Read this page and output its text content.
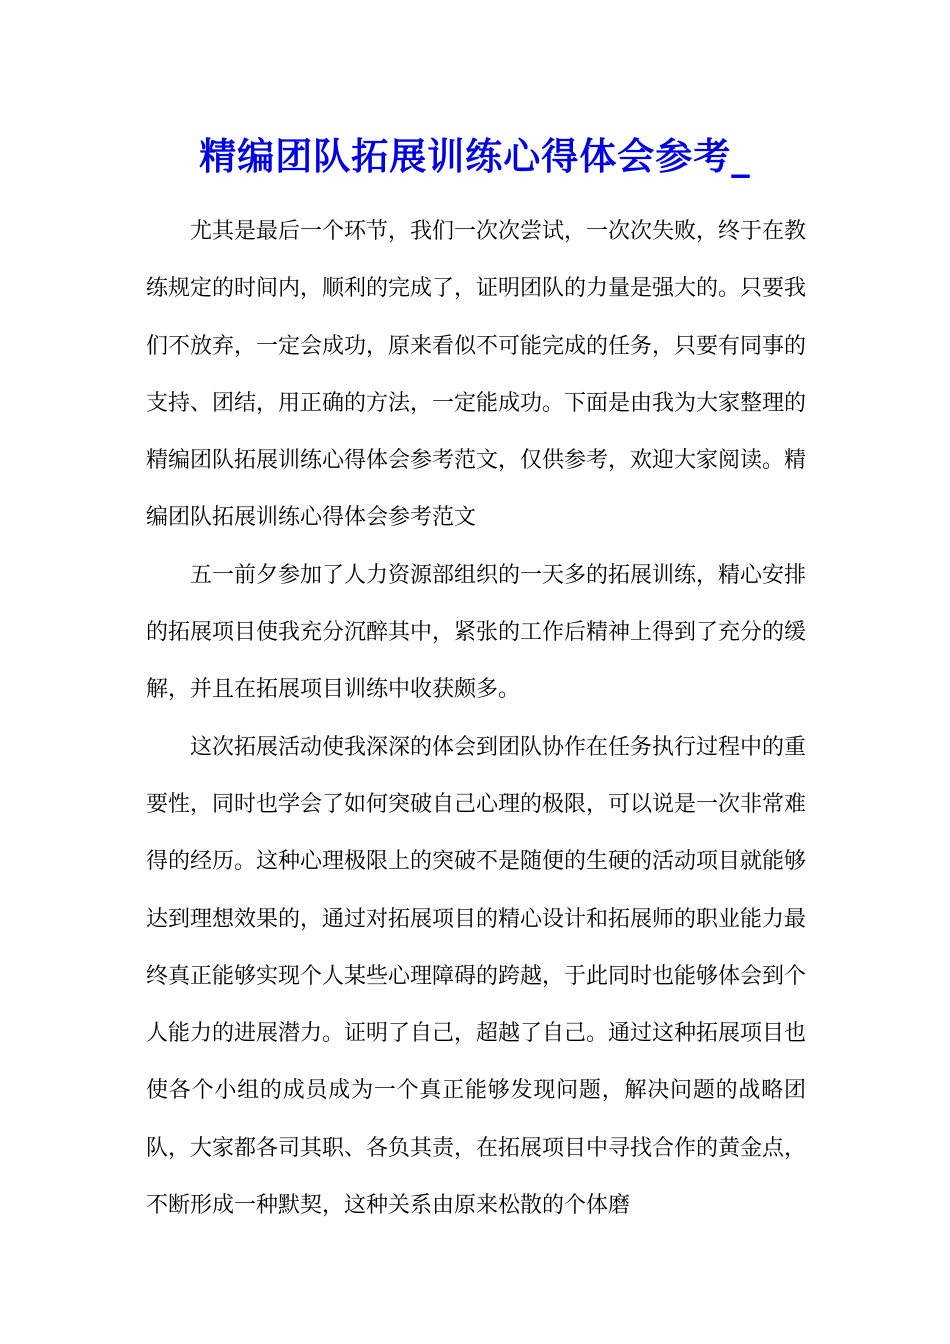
精编团队拓展训练心得体会参考_

尤其是最后一个环节，我们一次次尝试，一次次失败，终于在教练规定的时间内，顺利的完成了，证明团队的力量是强大的。只要我们不放弃，一定会成功，原来看似不可能完成的任务，只要有同事的支持、团结，用正确的方法，一定能成功。下面是由我为大家整理的精编团队拓展训练心得体会参考范文，仅供参考，欢迎大家阅读。精编团队拓展训练心得体会参考范文

五一前夕参加了人力资源部组织的一天多的拓展训练，精心安排的拓展项目使我充分沉醉其中，紧张的工作后精神上得到了充分的缓解，并且在拓展项目训练中收获颇多。

这次拓展活动使我深深的体会到团队协作在任务执行过程中的重要性，同时也学会了如何突破自己心理的极限，可以说是一次非常难得的经历。这种心理极限上的突破不是随便的生硬的活动项目就能够达到理想效果的，通过对拓展项目的精心设计和拓展师的职业能力最终真正能够实现个人某些心理障碍的跨越，于此同时也能够体会到个人能力的进展潜力。证明了自己，超越了自己。通过这种拓展项目也使各个小组的成员成为一个真正能够发现问题，解决问题的战略团队，大家都各司其职、各负其责，在拓展项目中寻找合作的黄金点，不断形成一种默契，这种关系由原来松散的个体磨
